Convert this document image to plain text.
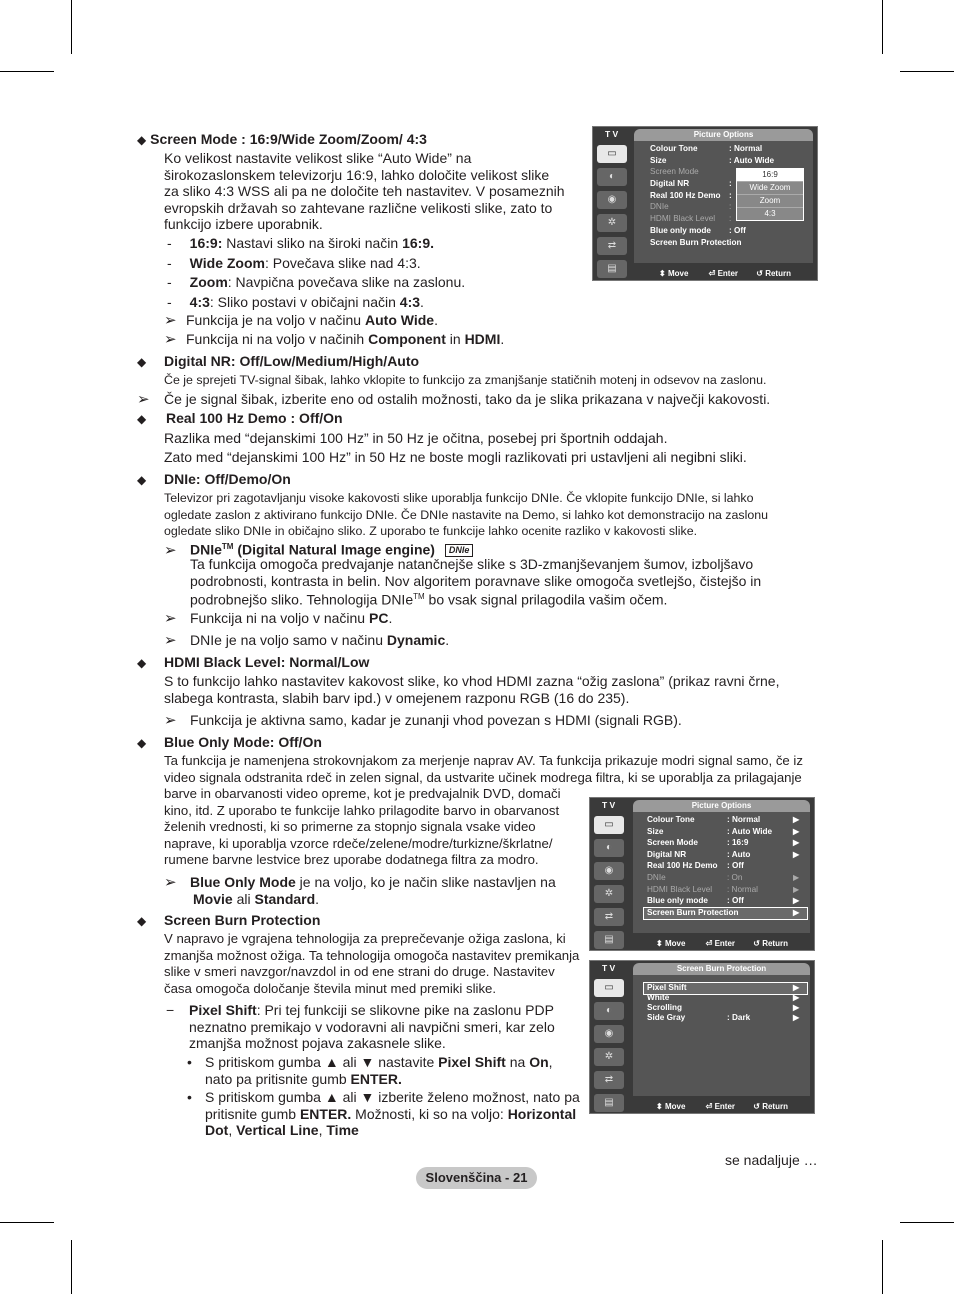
◆ Screen Mode : 16:9/Wide Zoom/Zoom/ 4:3
Ko velikost nastavite velikost slike “Auto Wide” na
širokozaslonskem televizorju 16:9, lahko določite velikost slike
za sliko 4:3 WSS ali pa ne določite teh nastavitev. V posameznih
evropskih državah so zahtevane različne velikosti slike, zato to
funkcijo izbere uporabnik.
- 16:9: Nastavi sliko na široki način 16:9.
- Wide Zoom: Povečava slike nad 4:3.
- Zoom: Navpična povečava slike na zaslonu.
- 4:3: Sliko postavi v običajni način 4:3.
➢ Funkcija je na voljo v načinu Auto Wide.
➢ Funkcija ni na voljo v načinih Component in HDMI.
◆ Digital NR: Off/Low/Medium/High/Auto
Če je sprejeti TV-signal šibak, lahko vklopite to funkcijo za zmanjšanje statičnih motenj in odsevov na zaslonu.
➢ Če je signal šibak, izberite eno od ostalih možnosti, tako da je slika prikazana v največji kakovosti.
◆ Real 100 Hz Demo : Off/On
Razlika med “dejanskimi 100 Hz” in 50 Hz je očitna, posebej pri športnih oddajah.
Zato med “dejanskimi 100 Hz” in 50 Hz ne boste mogli razlikovati pri ustavljeni ali negibni sliki.
◆ DNIe: Off/Demo/On
Televizor pri zagotavljanju visoke kakovosti slike uporablja funkcijo DNIe. Če vklopite funkcijo DNIe, si lahko
ogledate zaslon z aktivirano funkcijo DNIe. Če DNIe nastavite na Demo, si lahko kot demonstracijo na zaslonu
ogledate sliko DNIe in običajno sliko. Z uporabo te funkcije lahko ocenite razliko v kakovosti slike.
➢ DNIe™ (Digital Natural Image engine) DNIe
Ta funkcija omogoča predvajanje natančnejše slike s 3D-zmanjševanjem šumov, izboljšavo
podrobnosti, kontrasta in belin. Nov algoritem poravnave slike omogoča svetlejšo, čistejšo in
podrobnejšo sliko. Tehnologija DNIe™ bo vsak signal prilagodila vašim očem.
➢ Funkcija ni na voljo v načinu PC.
➢ DNIe je na voljo samo v načinu Dynamic.
◆ HDMI Black Level: Normal/Low
S to funkcijo lahko nastavitev kakovost slike, ko vhod HDMI zazna “ožig zaslona” (prikaz ravni črne,
slabega kontrasta, slabih barv ipd.) v omejenem razponu RGB (16 do 235).
➢ Funkcija je aktivna samo, kadar je zunanji vhod povezan s HDMI (signali RGB).
◆ Blue Only Mode: Off/On
Ta funkcija je namenjena strokovnjakom za merjenje naprav AV. Ta funkcija prikazuje modri signal samo, če iz
video signala odstranita rdeč in zelen signal, da ustvarite učinek modrega filtra, ki se uporablja za prilagajanje
barve in obarvanosti video opreme, kot je predvajalnik DVD, domači
kino, itd. Z uporabo te funkcije lahko prilagodite barvo in obarvanost
želenih vrednosti, ki so primerne za stopnjo signala vsake video
naprave, ki uporablja vzorce rdeče/zelene/modre/turkizne/škrlatne/
rumene barvne lestvice brez uporabe dodatnega filtra za modro.
➢ Blue Only Mode je na voljo, ko je način slike nastavljen na
Movie ali Standard.
◆ Screen Burn Protection
V napravo je vgrajena tehnologija za preprečevanje ožiga zaslona, ki
zmanjša možnost ožiga. Ta tehnologija omogoča nastavitev premikanja
slike v smeri navzgor/navzdol in od ene strani do druge. Nastavitev
časa omogoča določanje števila minut med premiki slike.
− Pixel Shift: Pri tej funkciji se slikovne pike na zaslonu PDP
neznatno premikajo v vodoravni ali navpični smeri, kar zelo
zmanjša možnost pojava zakasnele slike.
• S pritiskom gumba ▲ ali ▼ nastavite Pixel Shift na On,
nato pa pritisnite gumb ENTER.
• S pritiskom gumba ▲ ali ▼ izberite želeno možnost, nato pa
pritisnite gumb ENTER. Možnosti, ki so na voljo: Horizontal
Dot, Vertical Line, Time
se nadaljuje …
Slovenščina - 21
T V	Picture Options
▭
◐
◉
✲
⇄
▤
Colour Tone	: Normal
Size	: Auto Wide
Screen Mode
Digital NR	:
Real 100 Hz Demo :
DNIe	:
HDMI Black Level :
Blue only mode : Off
Screen Burn Protection
16:9
Wide Zoom
Zoom
4:3
⬍ Move	⏎ Enter ↺ Return
T V	Picture Options
▭
◐
◉
✲
⇄
▤
Colour Tone	: Normal	▶
Size	: Auto Wide	▶
Screen Mode	: 16:9	▶
Digital NR	: Auto	▶
Real 100 Hz Demo : Off
DNIe	: On	▶
HDMI Black Level : Normal	▶
Blue only mode : Off	▶
Screen Burn Protection	▶
⬍ Move	⏎ Enter ↺ Return
T V	Screen Burn Protection
▭
◐
◉
✲
⇄
▤
Pixel Shift	▶
White	▶
Scrolling	▶
Side Gray	: Dark	▶
⬍ Move	⏎ Enter ↺ Return
